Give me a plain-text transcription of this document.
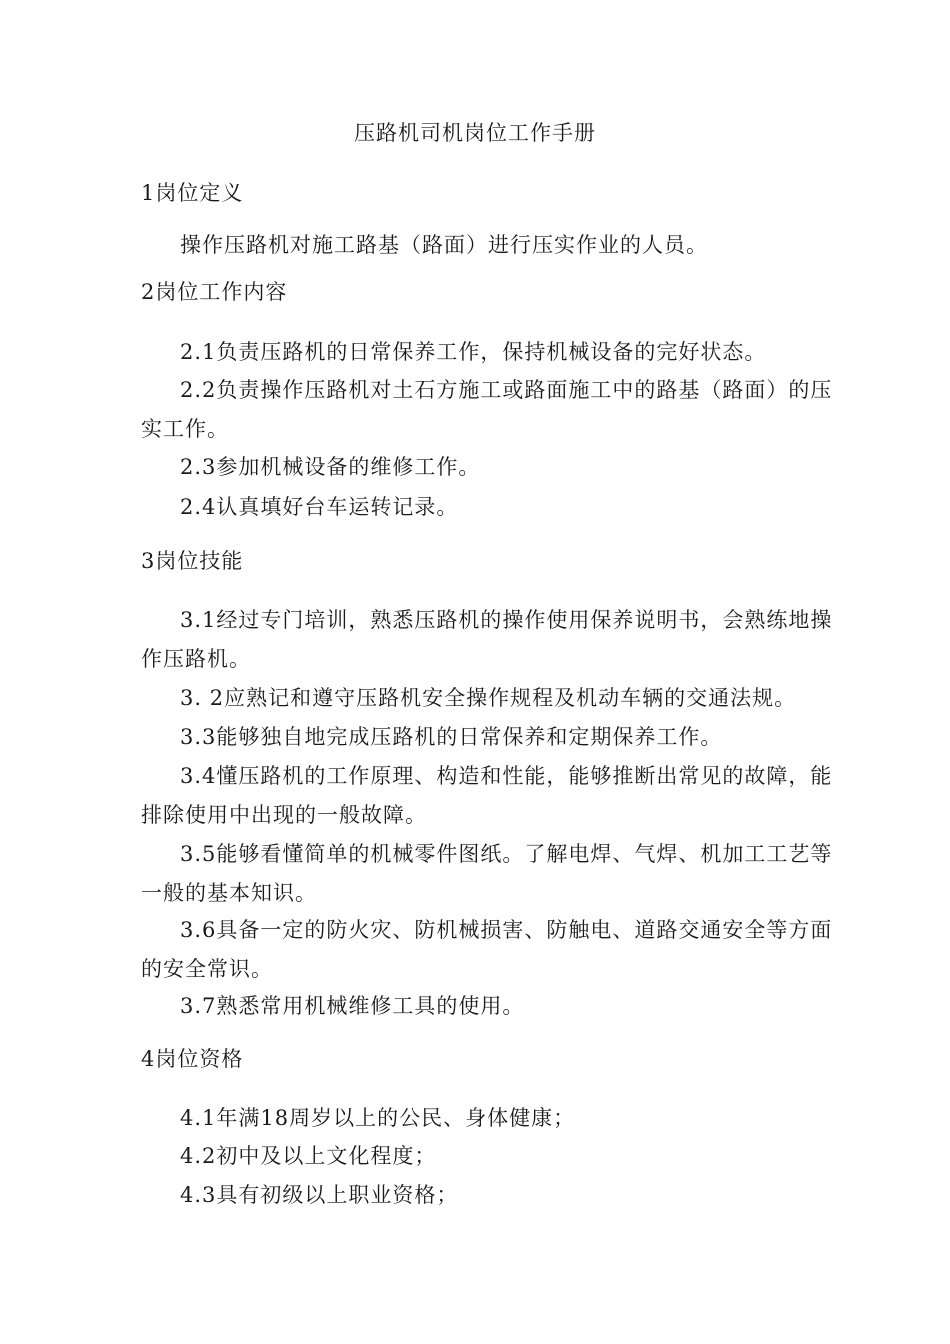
压路机司机岗位工作手册
1岗位定义
操作压路机对施工路基（路面）进行压实作业的人员。
2岗位工作内容
2.1负责压路机的日常保养工作，保持机械设备的完好状态。
2.2负责操作压路机对土石方施工或路面施工中的路基（路面）的压
实工作。
2.3参加机械设备的维修工作。
2.4认真填好台车运转记录。
3岗位技能
3.1经过专门培训，熟悉压路机的操作使用保养说明书，会熟练地操
作压路机。
3. 2应熟记和遵守压路机安全操作规程及机动车辆的交通法规。
3.3能够独自地完成压路机的日常保养和定期保养工作。
3.4懂压路机的工作原理、构造和性能，能够推断出常见的故障，能
排除使用中出现的一般故障。
3.5能够看懂简单的机械零件图纸。了解电焊、气焊、机加工工艺等
一般的基本知识。
3.6具备一定的防火灾、防机械损害、防触电、道路交通安全等方面
的安全常识。
3.7熟悉常用机械维修工具的使用。
4岗位资格
4.1年满18周岁以上的公民、身体健康；
4.2初中及以上文化程度；
4.3具有初级以上职业资格；
